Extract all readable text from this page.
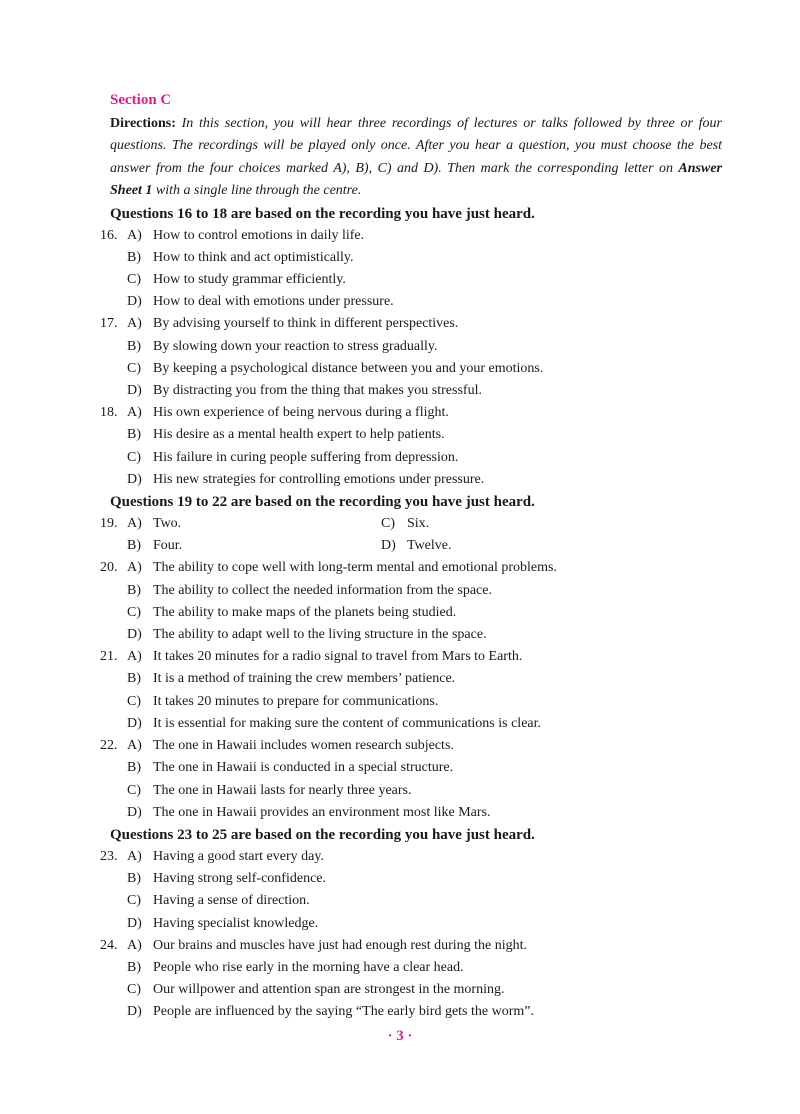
Section C

Directions: In this section, you will hear three recordings of lectures or talks followed by three or four questions. The recordings will be played only once. After you hear a question, you must choose the best answer from the four choices marked A), B), C) and D). Then mark the corresponding letter on Answer Sheet 1 with a single line through the centre.

Questions 16 to 18 are based on the recording you have just heard.
16. A) How to control emotions in daily life.
B) How to think and act optimistically.
C) How to study grammar efficiently.
D) How to deal with emotions under pressure.
17. A) By advising yourself to think in different perspectives.
B) By slowing down your reaction to stress gradually.
C) By keeping a psychological distance between you and your emotions.
D) By distracting you from the thing that makes you stressful.
18. A) His own experience of being nervous during a flight.
B) His desire as a mental health expert to help patients.
C) His failure in curing people suffering from depression.
D) His new strategies for controlling emotions under pressure.
Questions 19 to 22 are based on the recording you have just heard.
19. A) Two.	C) Six.
B) Four.	D) Twelve.
20. A) The ability to cope well with long-term mental and emotional problems.
B) The ability to collect the needed information from the space.
C) The ability to make maps of the planets being studied.
D) The ability to adapt well to the living structure in the space.
21. A) It takes 20 minutes for a radio signal to travel from Mars to Earth.
B) It is a method of training the crew members’ patience.
C) It takes 20 minutes to prepare for communications.
D) It is essential for making sure the content of communications is clear.
22. A) The one in Hawaii includes women research subjects.
B) The one in Hawaii is conducted in a special structure.
C) The one in Hawaii lasts for nearly three years.
D) The one in Hawaii provides an environment most like Mars.
Questions 23 to 25 are based on the recording you have just heard.
23. A) Having a good start every day.
B) Having strong self-confidence.
C) Having a sense of direction.
D) Having specialist knowledge.
24. A) Our brains and muscles have just had enough rest during the night.
B) People who rise early in the morning have a clear head.
C) Our willpower and attention span are strongest in the morning.
D) People are influenced by the saying “The early bird gets the worm”.
· 3 ·
